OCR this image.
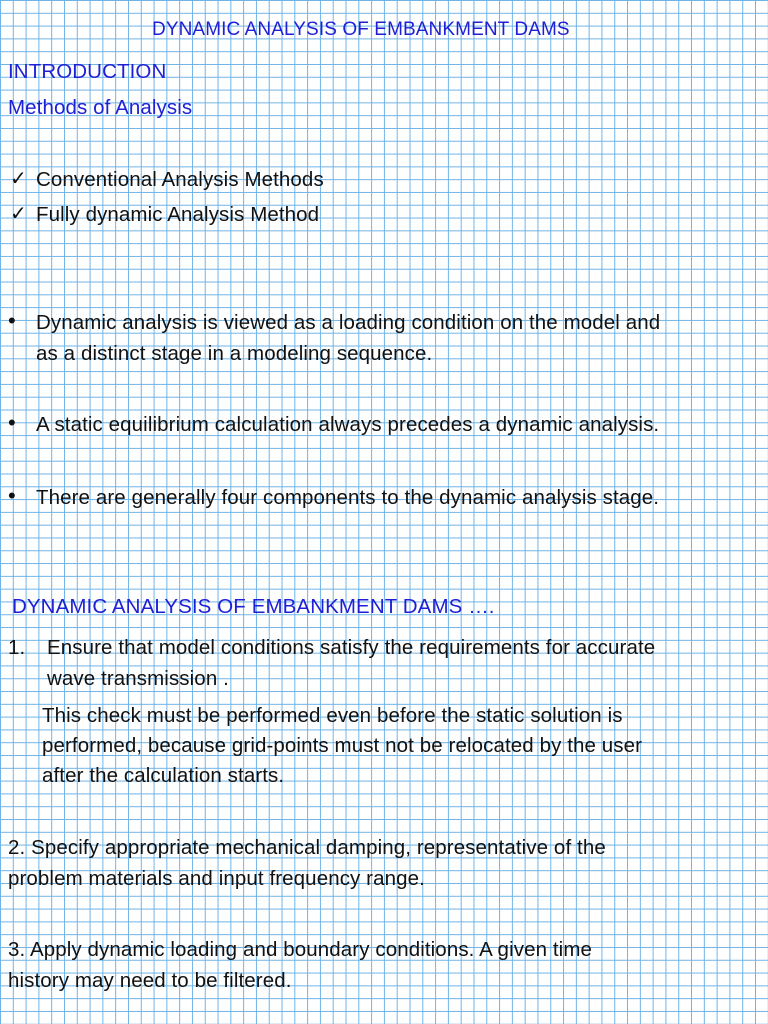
DYNAMIC ANALYSIS OF EMBANKMENT DAMS
INTRODUCTION
Methods of Analysis
✓ Conventional Analysis Methods
✓ Fully dynamic Analysis Method
• Dynamic analysis is viewed as a loading condition on the model and
as a distinct stage in a modeling sequence.
• A static equilibrium calculation always precedes a dynamic analysis.
• There are generally four components to the dynamic analysis stage.
DYNAMIC ANALYSIS OF EMBANKMENT DAMS ….
1. Ensure that model conditions satisfy the requirements for accurate
wave transmission .
This check must be performed even before the static solution is
performed, because grid-points must not be relocated by the user
after the calculation starts.
2. Specify appropriate mechanical damping, representative of the
problem materials and input frequency range.
3. Apply dynamic loading and boundary conditions. A given time
history may need to be filtered.
